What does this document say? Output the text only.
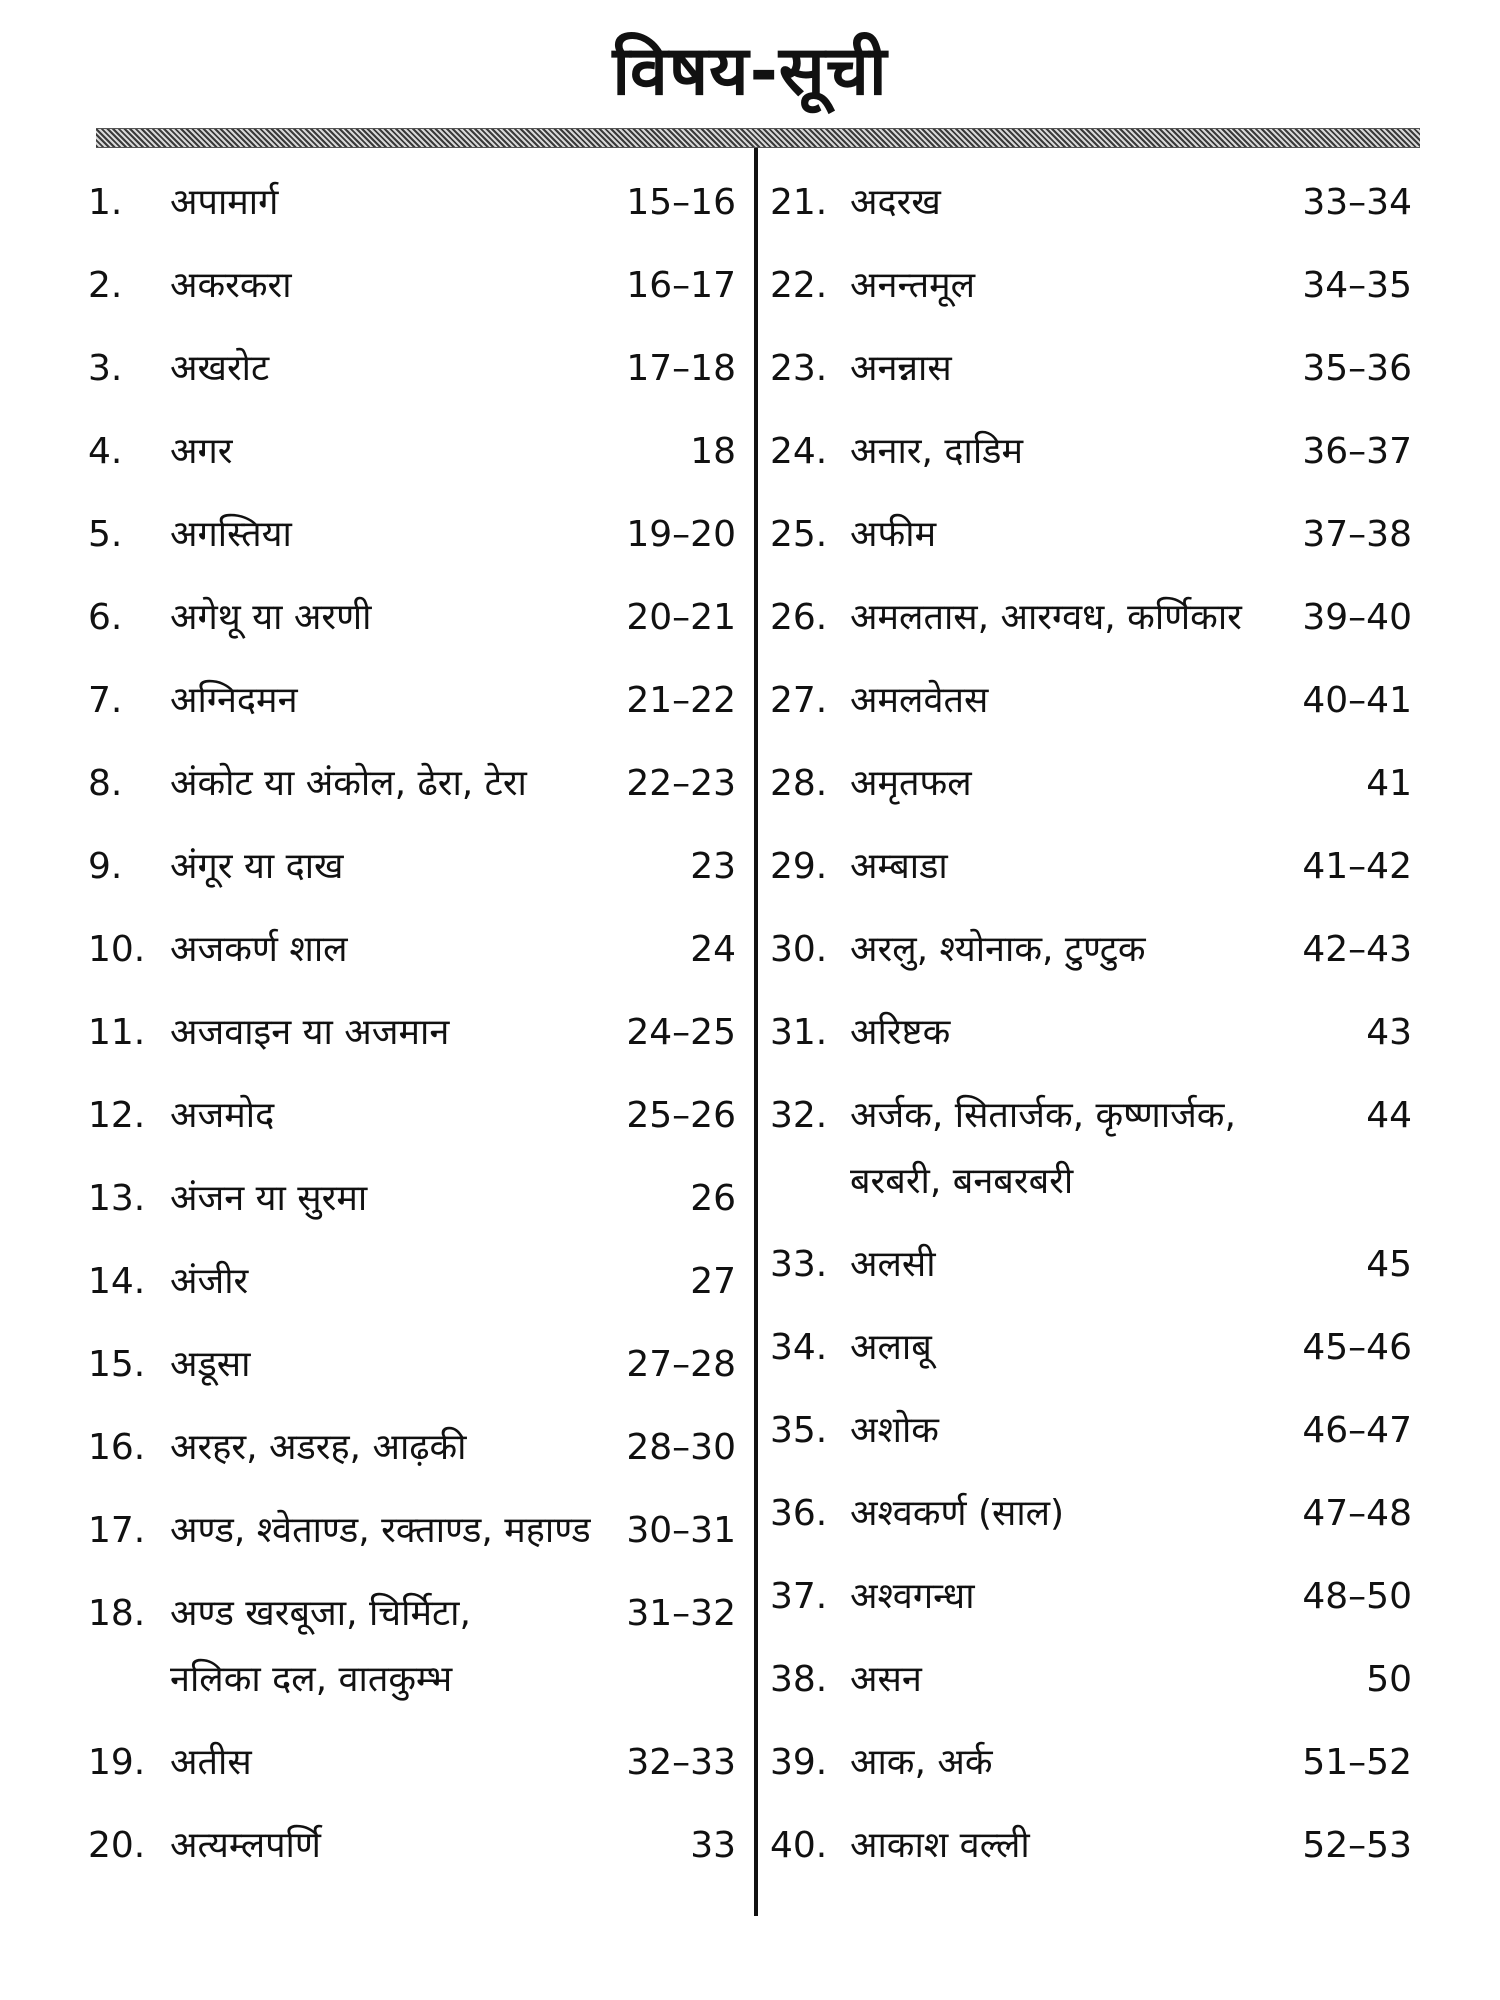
विषय-सूची
1.	अपामार्ग	15–16
2.	अकरकरा	16–17
3.	अखरोट	17–18
4.	अगर	18
5.	अगस्तिया	19–20
6.	अगेथू या अरणी	20–21
7.	अग्निदमन	21–22
8.	अंकोट या अंकोल, ढेरा, टेरा	22–23
9.	अंगूर या दाख	23
10. अजकर्ण शाल	24
11. अजवाइन या अजमान	24–25
12. अजमोद	25–26
13. अंजन या सुरमा	26
14. अंजीर	27
15. अडूसा	27–28
16. अरहर, अडरह, आढ़की	28–30
17. अण्ड, श्वेताण्ड, रक्ताण्ड, महाण्ड 30–31
18. अण्ड खरबूजा, चिर्मिटा,
नलिका दल, वातकुम्भ
31–32
19. अतीस	32–33
20. अत्यम्लपर्णि	33
21. अदरख	33–34
22. अनन्तमूल	34–35
23. अनन्नास	35–36
24. अनार, दाडिम	36–37
25. अफीम	37–38
26. अमलतास, आरग्वध, कर्णिकार	39–40
27. अमलवेतस	40–41
28. अमृतफल	41
29. अम्बाडा	41–42
30. अरलु, श्योनाक, टुण्टुक	42–43
31. अरिष्टक	43
32. अर्जक, सितार्जक, कृष्णार्जक,
बरबरी, बनबरबरी
44
33. अलसी	45
34. अलाबू	45–46
35. अशोक	46–47
36. अश्वकर्ण (साल)	47–48
37. अश्वगन्धा	48–50
38. असन	50
39. आक, अर्क	51–52
40. आकाश वल्ली	52–53
